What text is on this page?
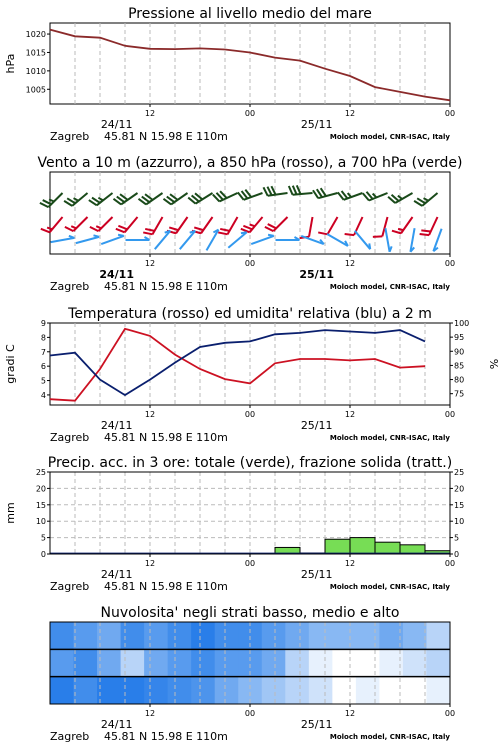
Pressione al livello medio del mare
1005
1010
1015
1020
hPa
12	00	12	00
24/11	25/11
Zagreb 45.81 N 15.98 E 110m	Moloch model, CNR-ISAC, Italy
Vento a 10 m (azzurro), a 850 hPa (rosso), a 700 hPa (verde)
12	00	12	00
24/11	25/11
Zagreb 45.81 N 15.98 E 110m	Moloch model, CNR-ISAC, Italy
Temperatura (rosso) ed umidita' relativa (blu) a 2 m
4
5
6
7
8
9
75
80
85
90
95
100
gradi C	%
12	00	12	00
24/11	25/11
Zagreb 45.81 N 15.98 E 110m	Moloch model, CNR-ISAC, Italy
Precip. acc. in 3 ore: totale (verde), frazione solida (tratt.)
0
5
10
15
20
25
0
5
10
15
20
25
mm
12	00	12	00
24/11	25/11
Zagreb 45.81 N 15.98 E 110m	Moloch model, CNR-ISAC, Italy
Nuvolosita' negli strati basso, medio e alto
12	00	12	00
24/11	25/11
Zagreb 45.81 N 15.98 E 110m	Moloch model, CNR-ISAC, Italy
